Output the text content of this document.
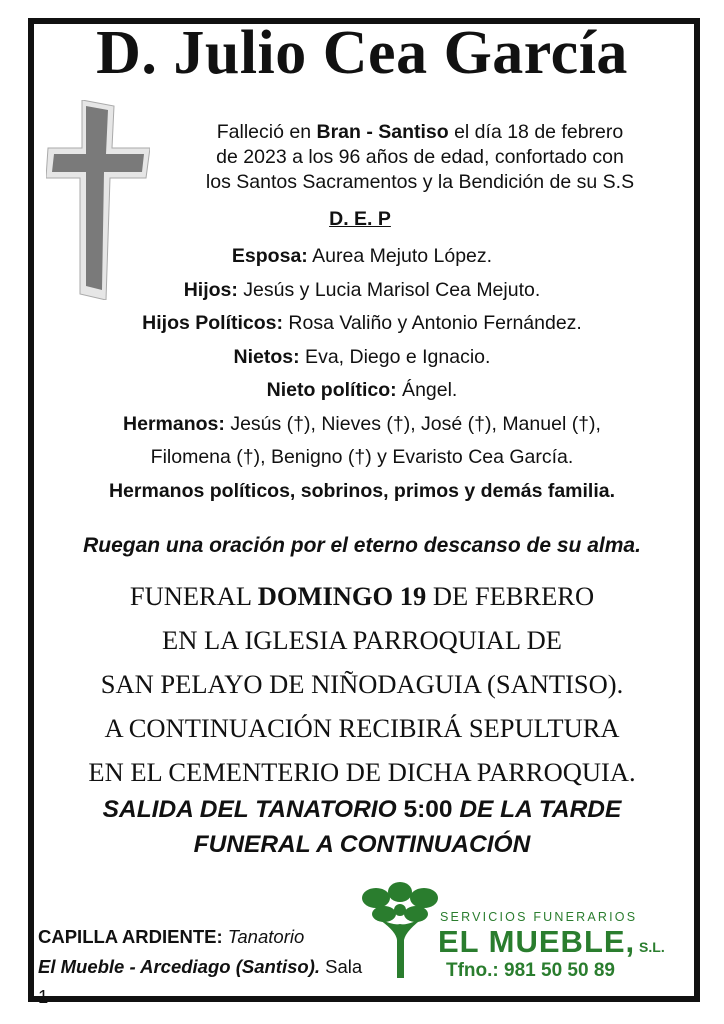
D. Julio Cea García
Falleció en Bran - Santiso el día 18 de febrero
de 2023 a los 96 años de edad, confortado con
los Santos Sacramentos y la Bendición de su S.S
D. E. P
Esposa: Aurea Mejuto López.
Hijos: Jesús y Lucia Marisol Cea Mejuto.
Hijos Políticos: Rosa Valiño y Antonio Fernández.
Nietos: Eva, Diego e Ignacio.
Nieto político: Ángel.
Hermanos: Jesús (†), Nieves (†), José (†), Manuel (†),
Filomena (†), Benigno (†) y Evaristo Cea García.
Hermanos políticos, sobrinos, primos y demás familia.
Ruegan una oración por el eterno descanso de su alma.
FUNERAL DOMINGO 19 DE FEBRERO
EN LA IGLESIA PARROQUIAL DE
SAN PELAYO DE NIÑODAGUIA (SANTISO).
A CONTINUACIÓN RECIBIRÁ SEPULTURA
EN EL CEMENTERIO DE DICHA PARROQUIA.
SALIDA DEL TANATORIO 5:00 DE LA TARDE
FUNERAL A CONTINUACIÓN
CAPILLA ARDIENTE: Tanatorio
El Mueble - Arcediago (Santiso). Sala 1
SERVICIOS FUNERARIOS
EL MUEBLE, S.L.
Tfno.: 981 50 50 89
